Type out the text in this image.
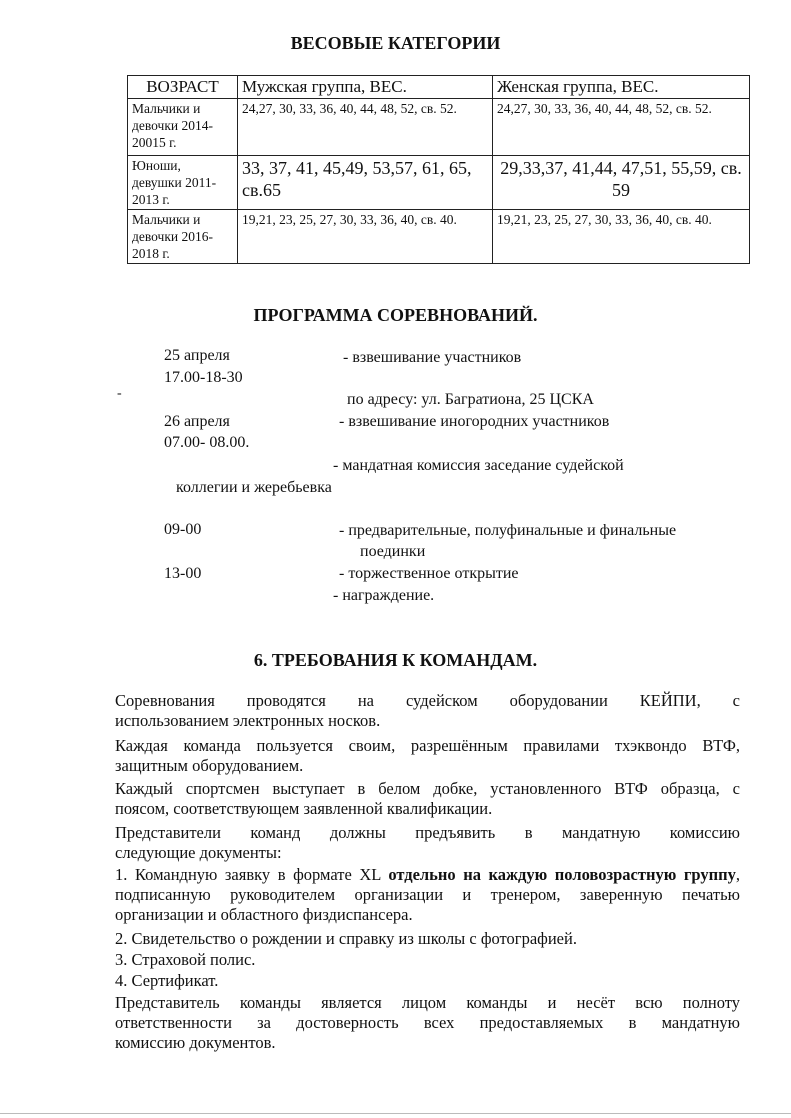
ВЕСОВЫЕ КАТЕГОРИИ
ВОЗРАСТ	Мужская группа, ВЕС.	Женская группа, ВЕС.
Мальчики и девочки 2014-20015 г.	24,27, 30, 33, 36, 40, 44, 48, 52, св. 52.	24,27, 30, 33, 36, 40, 44, 48, 52, св. 52.
Юноши, девушки 2011-2013 г.	33, 37, 41, 45,49, 53,57, 61, 65, св.65	29,33,37, 41,44, 47,51, 55,59, св. 59
Мальчики и девочки 2016-2018 г.	19,21, 23, 25, 27, 30, 33, 36, 40, св. 40.	19,21, 23, 25, 27, 30, 33, 36, 40, св. 40.
ПРОГРАММА СОРЕВНОВАНИЙ.

25 апреля	- взвешивание участников

17.00-18-30

-	по адресу: ул. Багратиона, 25 ЦСКА

26 апреля	- взвешивание иногородних участников

07.00- 08.00.

- мандатная комиссия заседание судейской

коллегии и жеребьевка

09-00	- предварительные, полуфинальные и финальные

поединки

13-00	- торжественное открытие

- награждение.

6. ТРЕБОВАНИЯ К КОМАНДАМ.

Соревнования проводятся на судейском оборудовании КЕЙПИ, с
использованием электронных носков.

Каждая команда пользуется своим, разрешённым правилами тхэквондо ВТФ,
защитным оборудованием.

Каждый спортсмен выступает в белом добке, установленного ВТФ образца, с
поясом, соответствующем заявленной квалификации.

Представители команд должны предъявить в мандатную комиссию
следующие документы:

1. Командную заявку в формате XL отдельно на каждую половозрастную группу, подписанную руководителем организации и тренером, заверенную печатью организации и областного физдиспансера.

2. Свидетельство о рождении и справку из школы с фотографией.

3. Страховой полис.

4. Сертификат.

Представитель команды является лицом команды и несёт всю полноту
ответственности за достоверность всех предоставляемых в мандатную
комиссию документов.
